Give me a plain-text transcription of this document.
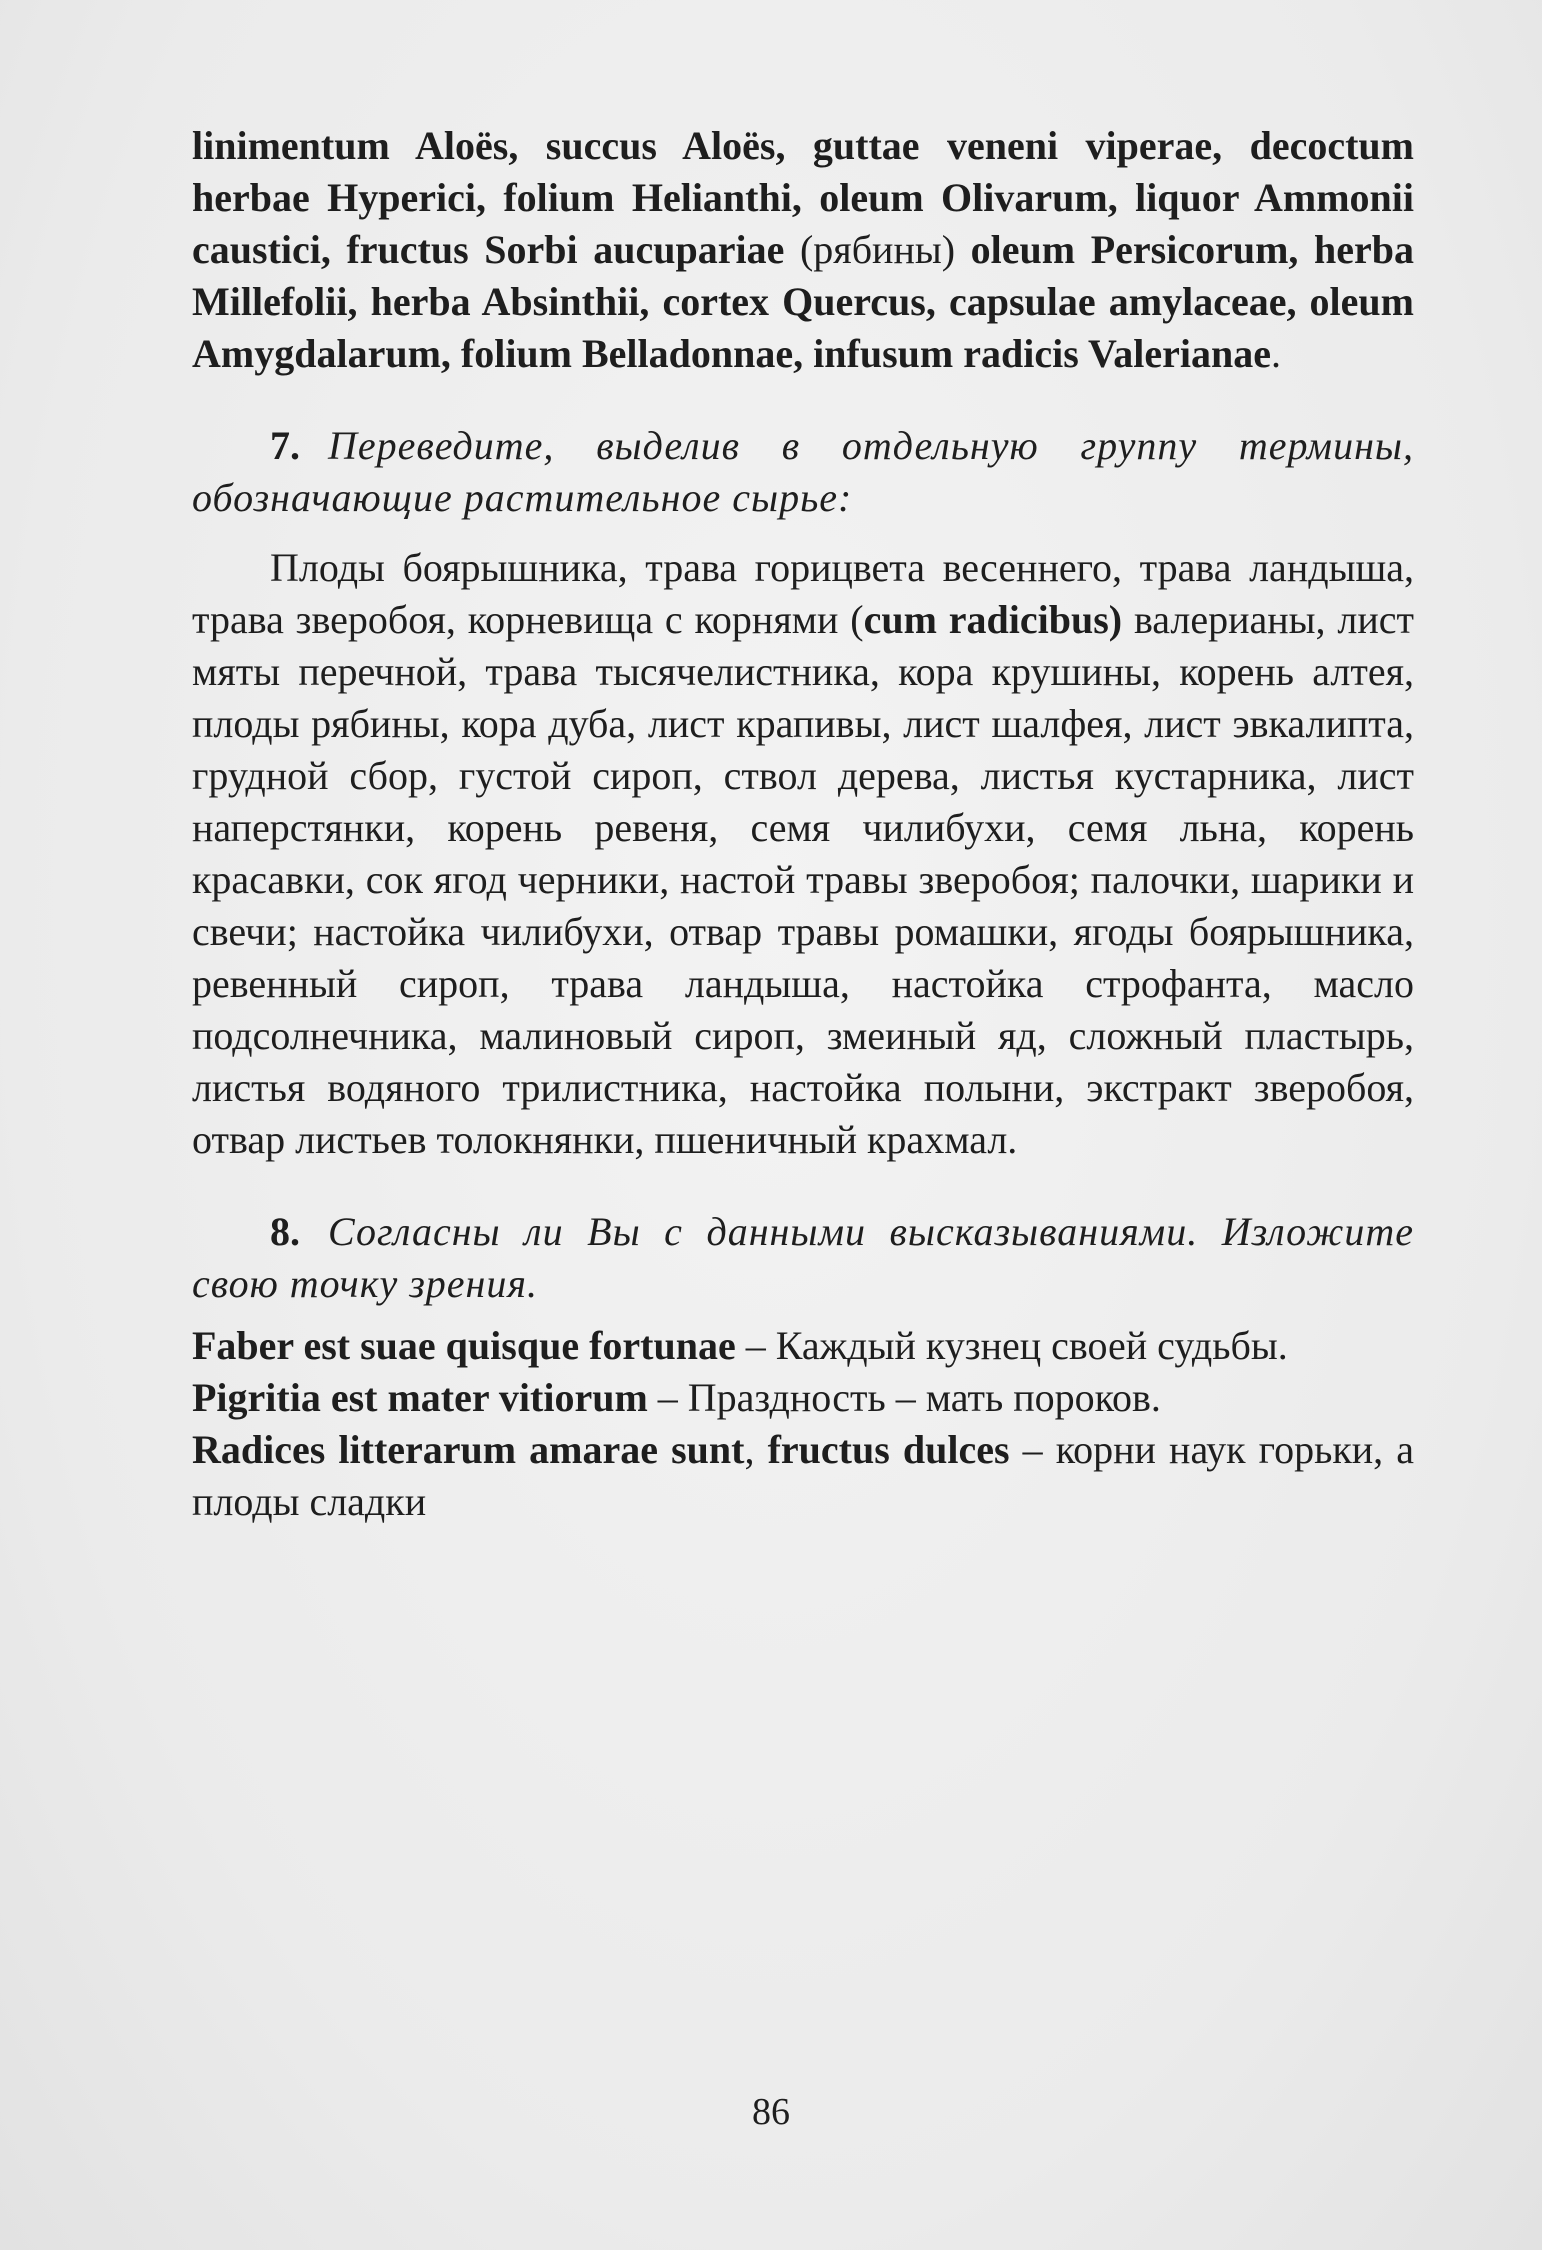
linimentum Aloës, succus Aloës, guttae veneni viperae, decoctum herbae Hyperici, folium Helianthi, oleum Olivarum, liquor Ammonii caustici, fructus Sorbi aucupariae (рябины) oleum Persicorum, herba Millefolii, herba Absinthii, cortex Quercus, capsulae amylaceae, oleum Amygdalarum, folium Belladonnae, infusum radicis Valerianae.

7. Переведите, выделив в отдельную группу термины, обозначающие растительное сырье:

Плоды боярышника, трава горицвета весеннего, трава ландыша, трава зверобоя, корневища с корнями (cum radicibus) валерианы, лист мяты перечной, трава тысячелистника, кора крушины, корень алтея, плоды рябины, кора дуба, лист крапивы, лист шалфея, лист эвкалипта, грудной сбор, густой сироп, ствол дерева, листья кустарника, лист наперстянки, корень ревеня, семя чилибухи, семя льна, корень красавки, сок ягод черники, настой травы зверобоя; палочки, шарики и свечи; настойка чилибухи, отвар травы ромашки, ягоды боярышника, ревенный сироп, трава ландыша, настойка строфанта, масло подсолнечника, малиновый сироп, змеиный яд, сложный пластырь, листья водяного трилистника, настойка полыни, экстракт зверобоя, отвар листьев толокнянки, пшеничный крахмал.

8. Согласны ли Вы с данными высказываниями. Изложите свою точку зрения.

Faber est suae quisque fortunae – Каждый кузнец своей судьбы.

Pigritia est mater vitiorum – Праздность – мать пороков.

Radices litterarum amarae sunt, fructus dulces – корни наук горьки, а плоды сладки

86
